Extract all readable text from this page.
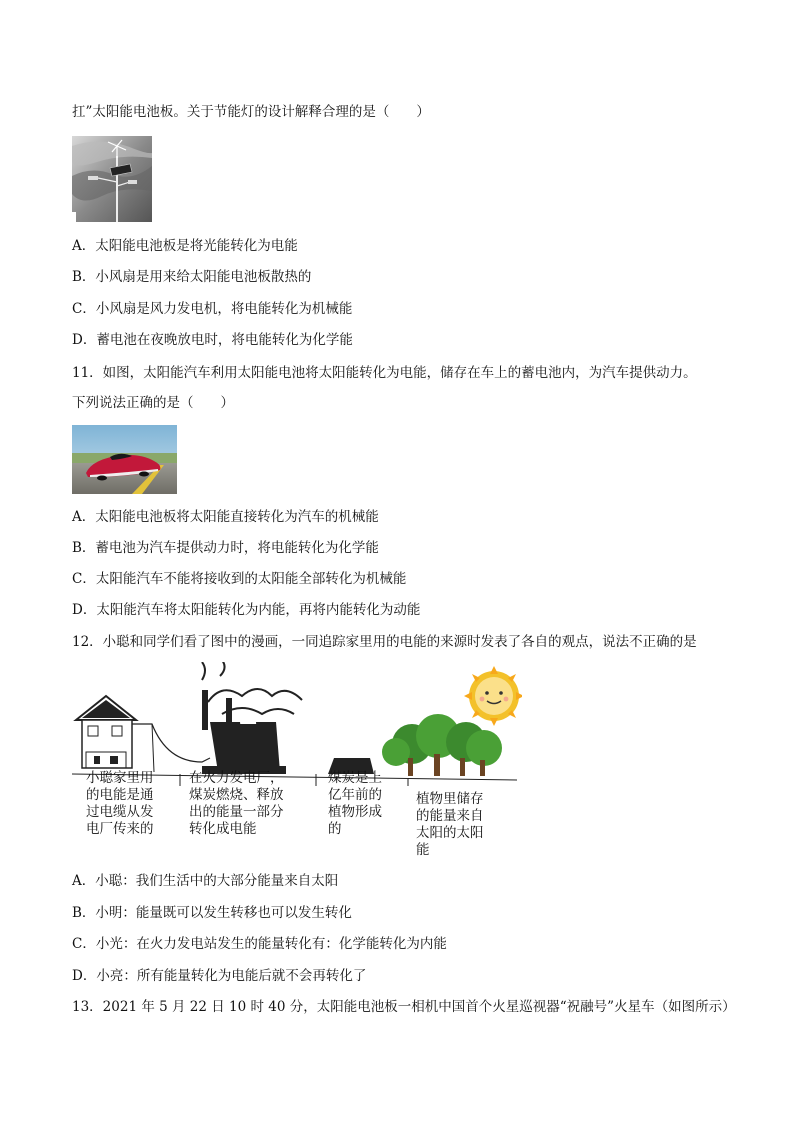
扛”太阳能电池板。关于节能灯的设计解释合理的是（　　）
A．太阳能电池板是将光能转化为电能
B．小风扇是用来给太阳能电池板散热的
C．小风扇是风力发电机，将电能转化为机械能
D．蓄电池在夜晚放电时，将电能转化为化学能
11．如图，太阳能汽车利用太阳能电池将太阳能转化为电能，储存在车上的蓄电池内，为汽车提供动力。
下列说法正确的是（　　）
A．太阳能电池板将太阳能直接转化为汽车的机械能
B．蓄电池为汽车提供动力时，将电能转化为化学能
C．太阳能汽车不能将接收到的太阳能全部转化为机械能
D．太阳能汽车将太阳能转化为内能，再将内能转化为动能
12．小聪和同学们看了图中的漫画，一同追踪家里用的电能的来源时发表了各自的观点，说法不正确的是
小聪家里用
的电能是通
过电缆从发
电厂传来的
在火力发电厂，
煤炭燃烧、释放
出的能量一部分
转化成电能
煤炭是上
亿年前的
植物形成
的
植物里储存
的能量来自
太阳的太阳
能
A．小聪：我们生活中的大部分能量来自太阳
B．小明：能量既可以发生转移也可以发生转化
C．小光：在火力发电站发生的能量转化有：化学能转化为内能
D．小亮：所有能量转化为电能后就不会再转化了
13．2021 年 5 月 22 日 10 时 40 分，太阳能电池板一相机中国首个火星巡视器“祝融号”火星车（如图所示）
